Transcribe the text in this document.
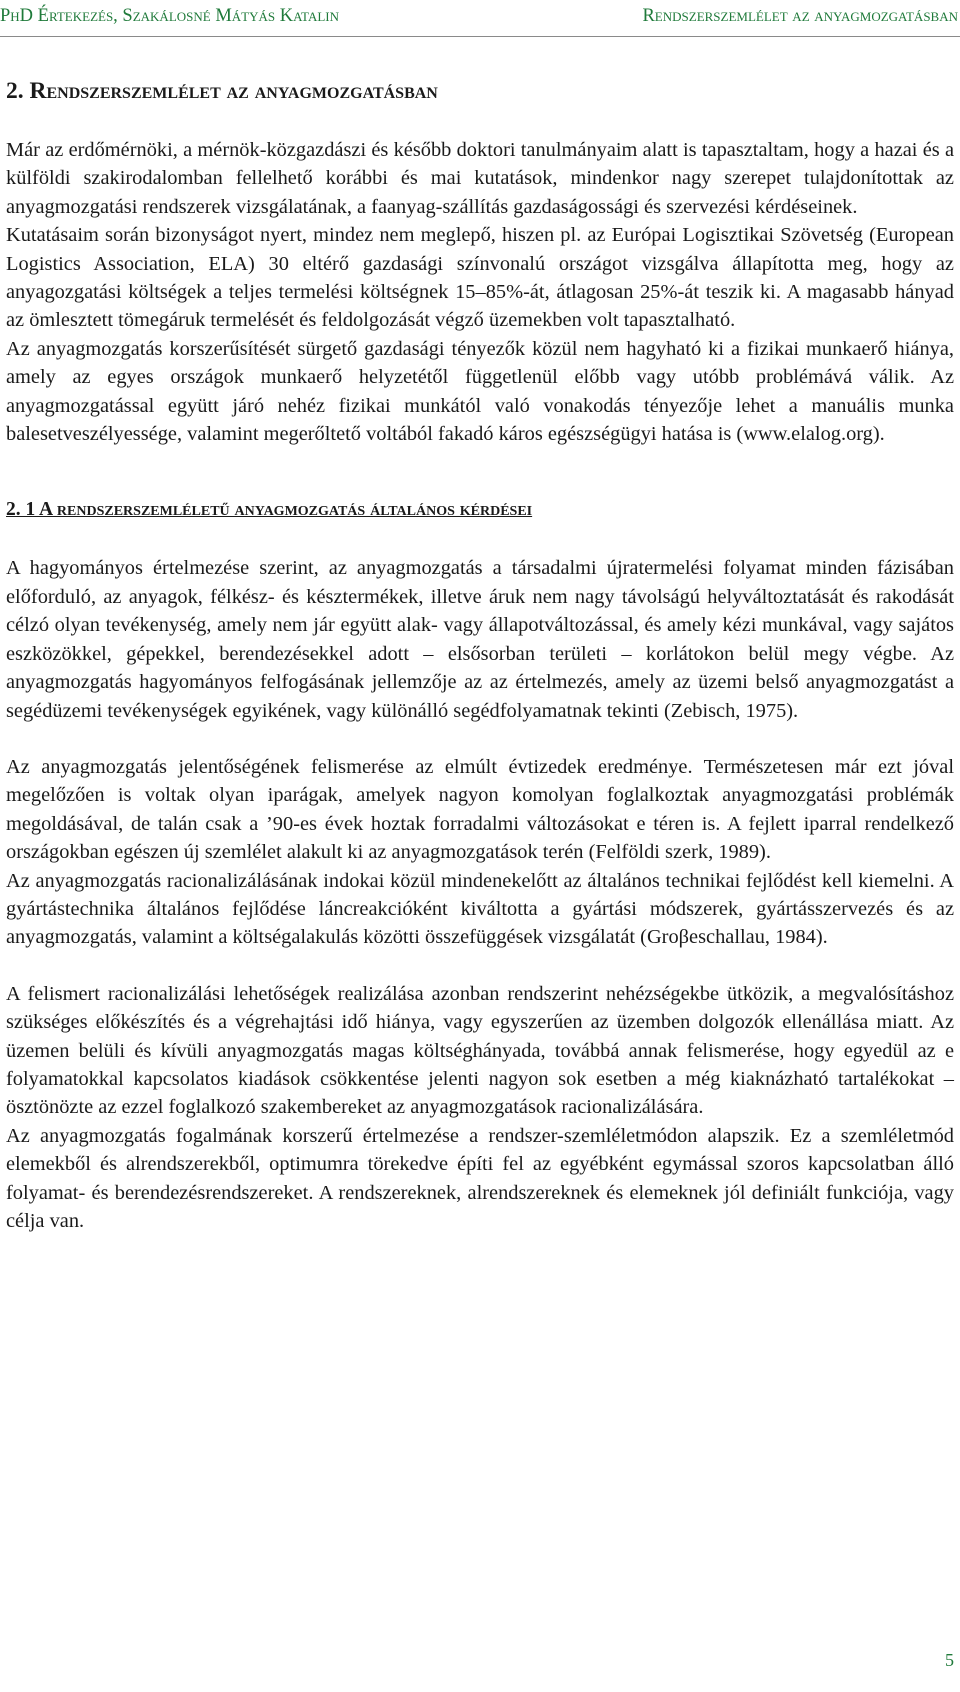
PhD Értekezés, Szakálosné Mátyás Katalin	Rendszerszemlélet az anyagmozgatásban
2. Rendszerszemlélet az anyagmozgatásban

Már az erdőmérnöki, a mérnök-közgazdászi és később doktori tanulmányaim alatt is tapasztaltam, hogy a hazai és a külföldi szakirodalomban fellelhető korábbi és mai kutatások, mindenkor nagy szerepet tulajdonítottak az anyagmozgatási rendszerek vizsgálatának, a faanyag-szállítás gazdaságossági és szervezési kérdéseinek.

Kutatásaim során bizonyságot nyert, mindez nem meglepő, hiszen pl. az Európai Logisztikai Szövetség (European Logistics Association, ELA) 30 eltérő gazdasági színvonalú országot vizsgálva állapította meg, hogy az anyagozgatási költségek a teljes termelési költségnek 15–85%-át, átlagosan 25%-át teszik ki. A magasabb hányad az ömlesztett tömegáruk termelését és feldolgozását végző üzemekben volt tapasztalható.

Az anyagmozgatás korszerűsítését sürgető gazdasági tényezők közül nem hagyható ki a fizikai munkaerő hiánya, amely az egyes országok munkaerő helyzetétől függetlenül előbb vagy utóbb problémává válik. Az anyagmozgatással együtt járó nehéz fizikai munkától való vonakodás tényezője lehet a manuális munka balesetveszélyessége, valamint megerőltető voltából fakadó káros egészségügyi hatása is (www.elalog.org).

2. 1 A rendszerszemléletű anyagmozgatás általános kérdései

A hagyományos értelmezése szerint, az anyagmozgatás a társadalmi újratermelési folyamat minden fázisában előforduló, az anyagok, félkész- és késztermékek, illetve áruk nem nagy távolságú helyváltoztatását és rakodását célzó olyan tevékenység, amely nem jár együtt alak- vagy állapotváltozással, és amely kézi munkával, vagy sajátos eszközökkel, gépekkel, berendezésekkel adott – elsősorban területi – korlátokon belül megy végbe. Az anyagmozgatás hagyományos felfogásának jellemzője az az értelmezés, amely az üzemi belső anyagmozgatást a segédüzemi tevékenységek egyikének, vagy különálló segédfolyamatnak tekinti (Zebisch, 1975).

Az anyagmozgatás jelentőségének felismerése az elmúlt évtizedek eredménye. Természetesen már ezt jóval megelőzően is voltak olyan iparágak, amelyek nagyon komolyan foglalkoztak anyagmozgatási problémák megoldásával, de talán csak a ’90-es évek hoztak forradalmi változásokat e téren is. A fejlett iparral rendelkező országokban egészen új szemlélet alakult ki az anyagmozgatások terén (Felföldi szerk, 1989).

Az anyagmozgatás racionalizálásának indokai közül mindenekelőtt az általános technikai fejlődést kell kiemelni. A gyártástechnika általános fejlődése láncreakcióként kiváltotta a gyártási módszerek, gyártásszervezés és az anyagmozgatás, valamint a költségalakulás közötti összefüggések vizsgálatát (Groβeschallau, 1984).

A felismert racionalizálási lehetőségek realizálása azonban rendszerint nehézségekbe ütközik, a megvalósításhoz szükséges előkészítés és a végrehajtási idő hiánya, vagy egyszerűen az üzemben dolgozók ellenállása miatt. Az üzemen belüli és kívüli anyagmozgatás magas költséghányada, továbbá annak felismerése, hogy egyedül az e folyamatokkal kapcsolatos kiadások csökkentése jelenti nagyon sok esetben a még kiaknázható tartalékokat – ösztönözte az ezzel foglalkozó szakembereket az anyagmozgatások racionalizálására.

Az anyagmozgatás fogalmának korszerű értelmezése a rendszer-szemléletmódon alapszik. Ez a szemléletmód elemekből és alrendszerekből, optimumra törekedve építi fel az egyébként egymással szoros kapcsolatban álló folyamat- és berendezésrendszereket. A rendszereknek, alrendszereknek és elemeknek jól definiált funkciója, vagy célja van.

5
